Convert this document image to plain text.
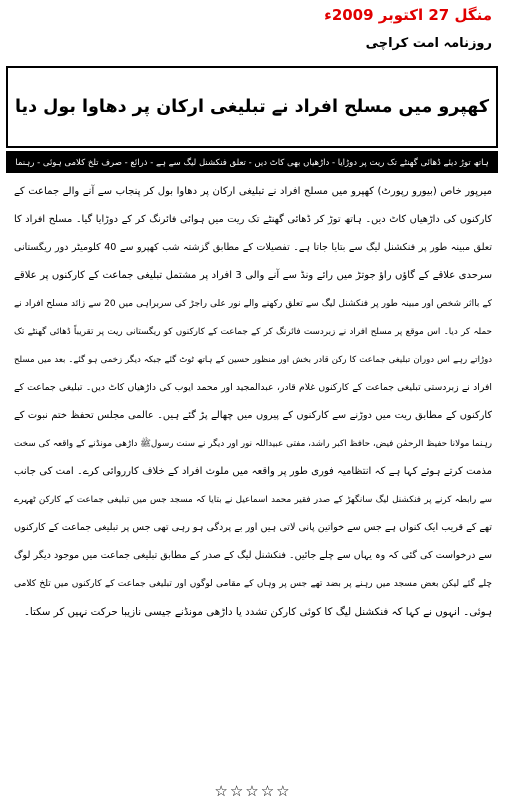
منگل 27 اکتوبر 2009ء
روزنامہ امت کراچی
کھپرو میں مسلح افراد نے تبلیغی ارکان پر دھاوا بول دیا
ہاتھ توڑ دیئے ڈھائی گھنٹے تک ریت پر دوڑایا - داڑھیاں بھی کاٹ دیں - تعلق فنکشنل لیگ سے ہے - ذرائع - صرف تلخ کلامی ہوئی - رہنما
میرپور خاص (بیورو رپورٹ) کھپرو میں مسلح افراد نے تبلیغی ارکان پر دھاوا بول کر پنجاب سے آنے والے جماعت کے
کارکنوں کی داڑھیاں کاٹ دیں۔ ہاتھ توڑ کر ڈھائی گھنٹے تک ریت میں ہوائی فائرنگ کر کے دوڑایا گیا۔ مسلح افراد کا
تعلق مبینہ طور پر فنکشنل لیگ سے بتایا جاتا ہے۔ تفصیلات کے مطابق گزشتہ شب کھپرو سے 40 کلومیٹر دور ریگستانی
سرحدی علاقے کے گاؤں راؤ جوتڑ میں رائے ونڈ سے آنے والی 3 افراد پر مشتمل تبلیغی جماعت کے کارکنوں پر علاقے
کے بااثر شخص اور مبینہ طور پر فنکشنل لیگ سے تعلق رکھنے والے نور علی راجڑ کی سربراہی میں 20 سے زائد مسلح افراد نے
حملہ کر دیا۔ اس موقع پر مسلح افراد نے زبردست فائرنگ کر کے جماعت کے کارکنوں کو ریگستانی ریت پر تقریباً ڈھائی گھنٹے تک
دوڑاتے رہے اس دوران تبلیغی جماعت کا رکن قادر بخش اور منظور حسین کے ہاتھ ٹوٹ گئے جبکہ دیگر زخمی ہو گئے۔ بعد میں مسلح
افراد نے زبردستی تبلیغی جماعت کے کارکنوں غلام قادر، عبدالمجید اور محمد ایوب کی داڑھیاں کاٹ دیں۔ تبلیغی جماعت کے
کارکنوں کے مطابق ریت میں دوڑنے سے کارکنوں کے پیروں میں چھالے پڑ گئے ہیں۔ عالمی مجلس تحفظ ختم نبوت کے
رہنما مولانا حفیظ الرحمٰن فیض، حافظ اکبر راشد، مفتی عبیداللہ نور اور دیگر نے سنت رسولﷺ داڑھی مونڈنے کے واقعہ کی سخت
مذمت کرتے ہوئے کہا ہے کہ انتظامیہ فوری طور پر واقعہ میں ملوث افراد کے خلاف کارروائی کرے۔ امت کی جانب
سے رابطہ کرنے پر فنکشنل لیگ سانگھڑ کے صدر فقیر محمد اسماعیل نے بتایا کہ مسجد جس میں تبلیغی جماعت کے کارکن ٹھہرے
تھے کے قریب ایک کنواں ہے جس سے خواتین پانی لاتی ہیں اور بے پردگی ہو رہی تھی جس پر تبلیغی جماعت کے کارکنوں
سے درخواست کی گئی کہ وہ یہاں سے چلے جائیں۔ فنکشنل لیگ کے صدر کے مطابق تبلیغی جماعت میں موجود دیگر لوگ
چلے گئے لیکن بعض مسجد میں رہنے پر بضد تھے جس پر وہاں کے مقامی لوگوں اور تبلیغی جماعت کے کارکنوں میں تلخ کلامی
ہوئی۔ انہوں نے کہا کہ فنکشنل لیگ کا کوئی کارکن تشدد یا داڑھی مونڈنے جیسی نازیبا حرکت نہیں کر سکتا۔
☆☆☆☆☆
